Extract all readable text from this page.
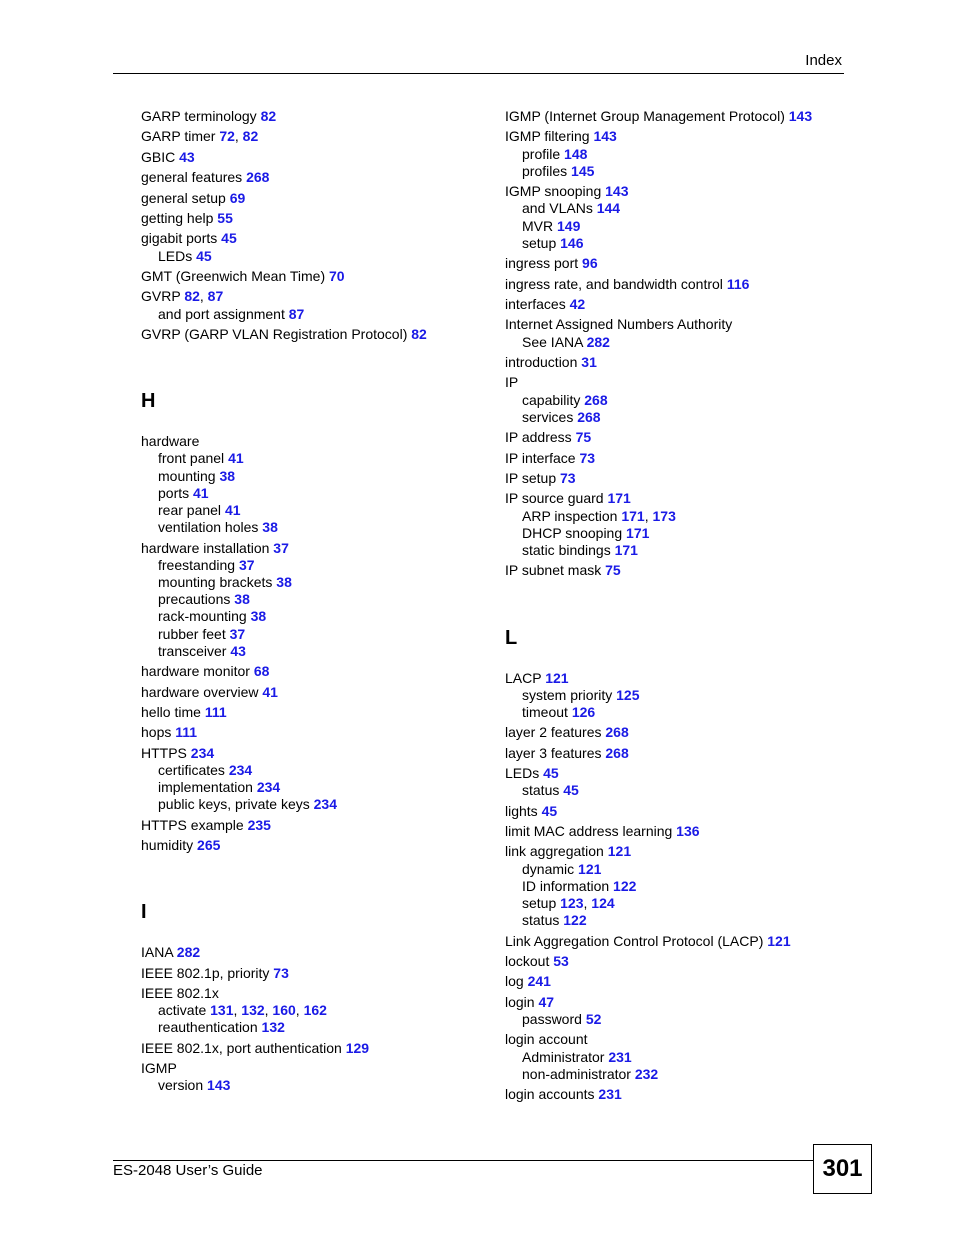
Index
GARP terminology 82
GARP timer 72, 82
GBIC 43
general features 268
general setup 69
getting help 55
gigabit ports 45
LEDs 45
GMT (Greenwich Mean Time) 70
GVRP 82, 87
and port assignment 87
GVRP (GARP VLAN Registration Protocol) 82
H
hardware
front panel 41
mounting 38
ports 41
rear panel 41
ventilation holes 38
hardware installation 37
freestanding 37
mounting brackets 38
precautions 38
rack-mounting 38
rubber feet 37
transceiver 43
hardware monitor 68
hardware overview 41
hello time 111
hops 111
HTTPS 234
certificates 234
implementation 234
public keys, private keys 234
HTTPS example 235
humidity 265
I
IANA 282
IEEE 802.1p, priority 73
IEEE 802.1x
activate 131, 132, 160, 162
reauthentication 132
IEEE 802.1x, port authentication 129
IGMP
version 143
IGMP (Internet Group Management Protocol) 143
IGMP filtering 143
profile 148
profiles 145
IGMP snooping 143
and VLANs 144
MVR 149
setup 146
ingress port 96
ingress rate, and bandwidth control 116
interfaces 42
Internet Assigned Numbers Authority
See IANA 282
introduction 31
IP
capability 268
services 268
IP address 75
IP interface 73
IP setup 73
IP source guard 171
ARP inspection 171, 173
DHCP snooping 171
static bindings 171
IP subnet mask 75
L
LACP 121
system priority 125
timeout 126
layer 2 features 268
layer 3 features 268
LEDs 45
status 45
lights 45
limit MAC address learning 136
link aggregation 121
dynamic 121
ID information 122
setup 123, 124
status 122
Link Aggregation Control Protocol (LACP) 121
lockout 53
log 241
login 47
password 52
login account
Administrator 231
non-administrator 232
login accounts 231
ES-2048 User’s Guide	301
